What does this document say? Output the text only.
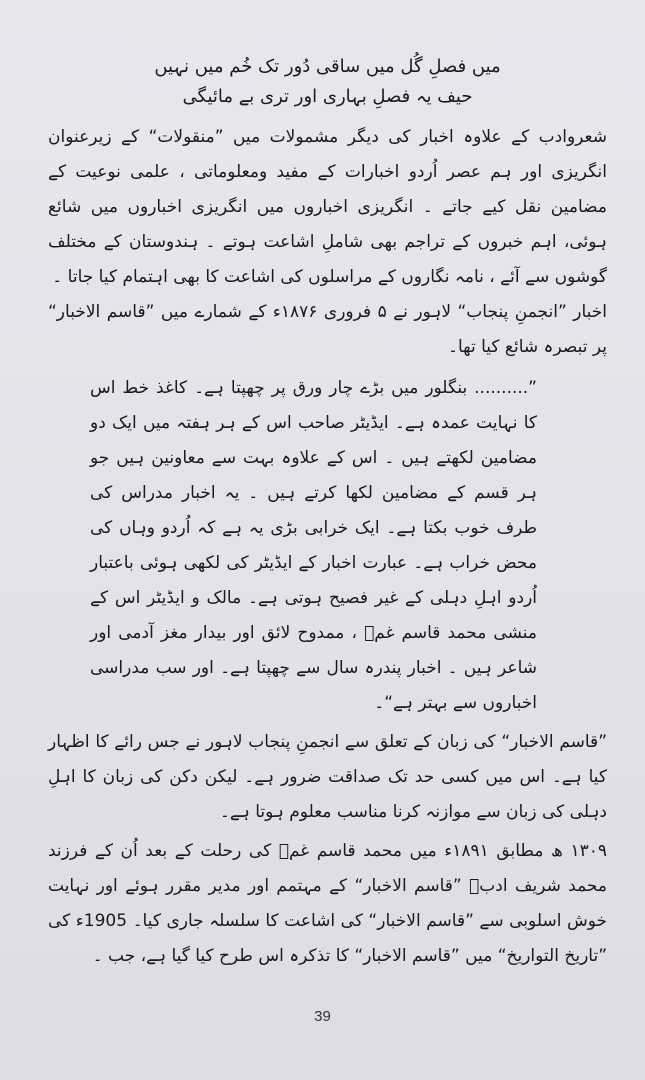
میں فصلِ گُل میں ساقی دُور تک خُم میں نہیں

حیف یہ فصلِ بہاری اور تری بے مائیگی

شعروادب کے علاوہ اخبار کی دیگر مشمولات میں ”منقولات“ کے زیرعنوان انگریزی اور ہم عصر اُردو اخبارات کے مفید ومعلوماتی ، علمی نوعیت کے مضامین نقل کیے جاتے ۔ انگریزی اخباروں میں انگریزی اخباروں میں شائع ہوئی، اہم خبروں کے تراجم بھی شاملِ اشاعت ہوتے ۔ ہندوستان کے مختلف گوشوں سے آئے ، نامہ نگاروں کے مراسلوں کی اشاعت کا بھی اہتمام کیا جاتا ۔

اخبار ”انجمنِ پنجاب“ لاہور نے ۵ فروری ۱۸۷۶ء کے شمارے میں ”قاسم الاخبار“ پر تبصرہ شائع کیا تھا۔

”.......... بنگلور میں بڑے چار ورق پر چھپتا ہے۔ کاغذ خط اس کا نہایت عمدہ ہے۔ ایڈیٹر صاحب اس کے ہر ہفتہ میں ایک دو مضامین لکھتے ہیں ۔ اس کے علاوہ بہت سے معاونین ہیں جو ہر قسم کے مضامین لکھا کرتے ہیں ۔ یہ اخبار مدراس کی طرف خوب بکتا ہے۔ ایک خرابی بڑی یہ ہے کہ اُردو وہاں کی محض خراب ہے۔ عبارت اخبار کے ایڈیٹر کی لکھی ہوئی باعتبار اُردو اہلِ دہلی کے غیر فصیح ہوتی ہے۔ مالک و ایڈیٹر اس کے منشی محمد قاسم غمؔ ، ممدوح لائق اور بیدار مغز آدمی اور شاعر ہیں ۔ اخبار پندرہ سال سے چھپتا ہے۔ اور سب مدراسی اخباروں سے بہتر ہے“۔

”قاسم الاخبار“ کی زبان کے تعلق سے انجمنِ پنجاب لاہور نے جس رائے کا اظہار کیا ہے۔ اس میں کسی حد تک صداقت ضرور ہے۔ لیکن دکن کی زبان کا اہلِ دہلی کی زبان سے موازنہ کرنا مناسب معلوم ہوتا ہے۔

۱۳۰۹ ھ مطابق ۱۸۹۱ء میں محمد قاسم غمؔ کی رحلت کے بعد اُن کے فرزند محمد شریف ادبؔ ”قاسم الاخبار“ کے مہتمم اور مدیر مقرر ہوئے اور نہایت خوش اسلوبی سے ”قاسم الاخبار“ کی اشاعت کا سلسلہ جاری کیا۔ 1905ء کی ”تاریخ التواریخ“ میں ”قاسم الاخبار“ کا تذکرہ اس طرح کیا گیا ہے، جب ۔

39
